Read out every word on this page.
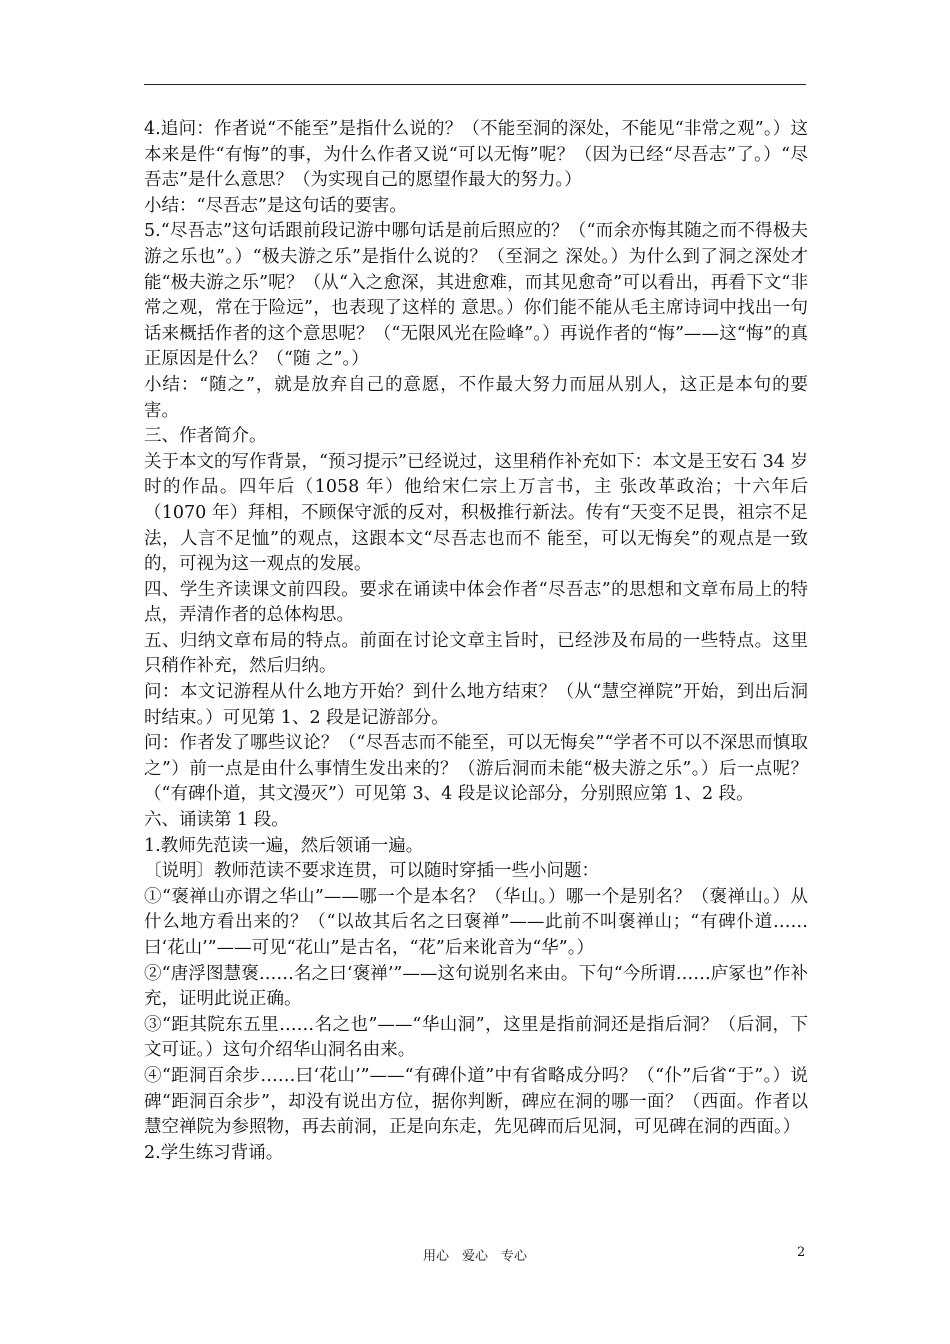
4.追问：作者说“不能至”是指什么说的？（不能至洞的深处，不能见“非常之观”。）这本来是件“有悔”的事，为什么作者又说“可以无悔”呢？（因为已经“尽吾志”了。）“尽吾志”是什么意思？（为实现自己的愿望作最大的努力。）

小结：“尽吾志”是这句话的要害。

5.“尽吾志”这句话跟前段记游中哪句话是前后照应的？（“而余亦悔其随之而不得极夫游之乐也”。）“极夫游之乐”是指什么说的？（至洞之 深处。）为什么到了洞之深处才能“极夫游之乐”呢？（从“入之愈深，其进愈难，而其见愈奇”可以看出，再看下文“非常之观，常在于险远”，也表现了这样的 意思。）你们能不能从毛主席诗词中找出一句话来概括作者的这个意思呢？（“无限风光在险峰”。）再说作者的“悔”——这“悔”的真正原因是什么？（“随 之”。）

小结：“随之”，就是放弃自己的意愿，不作最大努力而屈从别人，这正是本句的要害。

三、作者简介。

关于本文的写作背景，“预习提示”已经说过，这里稍作补充如下：本文是王安石 34 岁时的作品。四年后（1058 年）他给宋仁宗上万言书，主 张改革政治；十六年后（1070 年）拜相，不顾保守派的反对，积极推行新法。传有“天变不足畏，祖宗不足法，人言不足恤”的观点，这跟本文“尽吾志也而不 能至，可以无悔矣”的观点是一致的，可视为这一观点的发展。

四、学生齐读课文前四段。要求在诵读中体会作者“尽吾志”的思想和文章布局上的特点，弄清作者的总体构思。

五、归纳文章布局的特点。前面在讨论文章主旨时，已经涉及布局的一些特点。这里只稍作补充，然后归纳。

问：本文记游程从什么地方开始？到什么地方结束？（从“慧空禅院”开始，到出后洞时结束。）可见第 1、2 段是记游部分。

问：作者发了哪些议论？（“尽吾志而不能至，可以无悔矣”“学者不可以不深思而慎取之”）前一点是由什么事情生发出来的？（游后洞而未能“极夫游之乐”。）后一点呢？（“有碑仆道，其文漫灭”）可见第 3、4 段是议论部分，分别照应第 1、2 段。

六、诵读第 1 段。

1.教师先范读一遍，然后领诵一遍。

〔说明〕教师范读不要求连贯，可以随时穿插一些小问题：

①“褒禅山亦谓之华山”——哪一个是本名？（华山。）哪一个是别名？（褒禅山。）从什么地方看出来的？（“以故其后名之曰褒禅”——此前不叫褒禅山；“有碑仆道……曰‘花山’”——可见“花山”是古名，“花”后来讹音为“华”。）

②“唐浮图慧褒……名之曰‘褒禅’”——这句说别名来由。下句“今所谓……庐冢也”作补充，证明此说正确。

③“距其院东五里……名之也”——“华山洞”，这里是指前洞还是指后洞？（后洞，下文可证。）这句介绍华山洞名由来。

④“距洞百余步……曰‘花山’”——“有碑仆道”中有省略成分吗？（“仆”后省“于”。）说碑“距洞百余步”，却没有说出方位，据你判断，碑应在洞的哪一面？（西面。作者以慧空禅院为参照物，再去前洞，正是向东走，先见碑而后见洞，可见碑在洞的西面。）

2.学生练习背诵。

用心　爱心　专心	2
